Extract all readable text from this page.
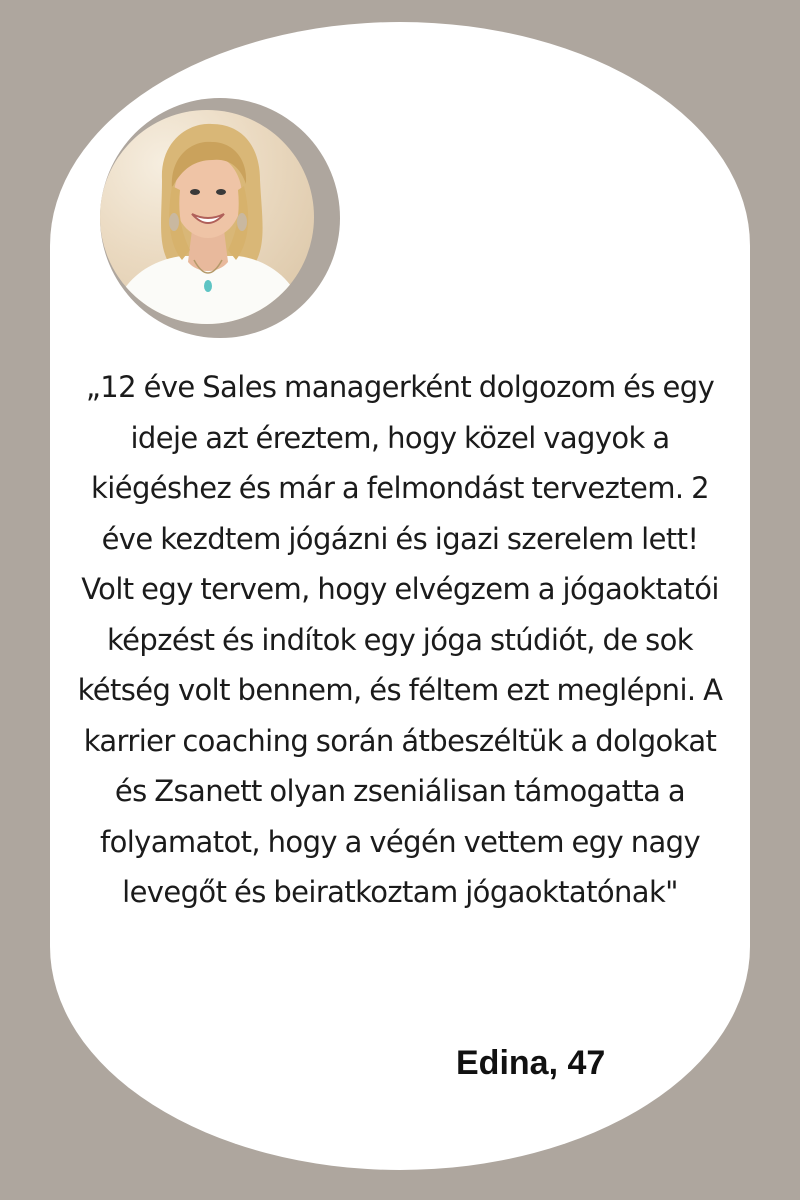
„12 éve Sales managerként dolgozom és egy ideje azt éreztem, hogy közel vagyok a kiégéshez és már a felmondást terveztem. 2 éve kezdtem jógázni és igazi szerelem lett! Volt egy tervem, hogy elvégzem a jógaoktatói képzést és indítok egy jóga stúdiót, de sok kétség volt bennem, és féltem ezt meglépni. A karrier coaching során átbeszéltük a dolgokat és Zsanett olyan zseniálisan támogatta a folyamatot, hogy a végén vettem egy nagy levegőt és beiratkoztam jógaoktatónak"

Edina, 47
